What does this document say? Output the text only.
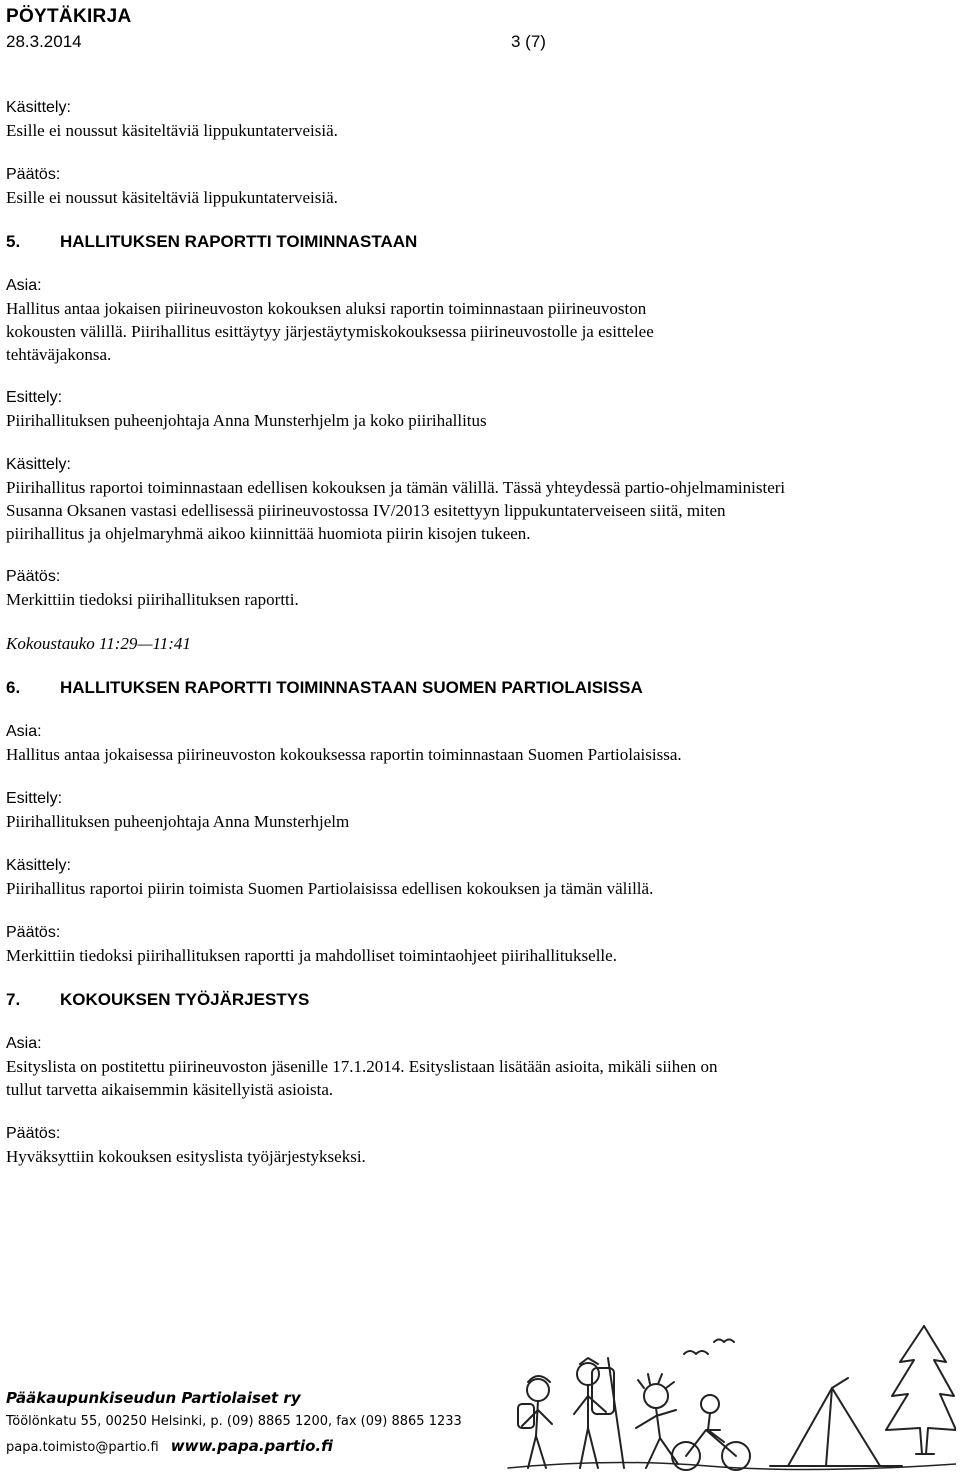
PÖYTÄKIRJA
28.3.2014	3 (7)

Käsittely:

Esille ei noussut käsiteltäviä lippukuntaterveisiä.

Päätös:

Esille ei noussut käsiteltäviä lippukuntaterveisiä.

5. HALLITUKSEN RAPORTTI TOIMINNASTAAN

Asia:

Hallitus antaa jokaisen piirineuvoston kokouksen aluksi raportin toiminnastaan piirineuvoston

kokousten välillä. Piirihallitus esittäytyy järjestäytymiskokouksessa piirineuvostolle ja esittelee

tehtäväjakonsa.

Esittely:

Piirihallituksen puheenjohtaja Anna Munsterhjelm ja koko piirihallitus

Käsittely:

Piirihallitus raportoi toiminnastaan edellisen kokouksen ja tämän välillä. Tässä yhteydessä partio-ohjelmaministeri

Susanna Oksanen vastasi edellisessä piirineuvostossa IV/2013 esitettyyn lippukuntaterveiseen siitä, miten

piirihallitus ja ohjelmaryhmä aikoo kiinnittää huomiota piirin kisojen tukeen.

Päätös:

Merkittiin tiedoksi piirihallituksen raportti.

Kokoustauko 11:29—11:41

6. HALLITUKSEN RAPORTTI TOIMINNASTAAN SUOMEN PARTIOLAISISSA

Asia:

Hallitus antaa jokaisessa piirineuvoston kokouksessa raportin toiminnastaan Suomen Partiolaisissa.

Esittely:

Piirihallituksen puheenjohtaja Anna Munsterhjelm

Käsittely:

Piirihallitus raportoi piirin toimista Suomen Partiolaisissa edellisen kokouksen ja tämän välillä.

Päätös:

Merkittiin tiedoksi piirihallituksen raportti ja mahdolliset toimintaohjeet piirihallitukselle.

7. KOKOUKSEN TYÖJÄRJESTYS

Asia:

Esityslista on postitettu piirineuvoston jäsenille 17.1.2014. Esityslistaan lisätään asioita, mikäli siihen on

tullut tarvetta aikaisemmin käsitellyistä asioista.

Päätös:

Hyväksyttiin kokouksen esityslista työjärjestykseksi.

Pääkaupunkiseudun Partiolaiset ry
Töölönkatu 55, 00250 Helsinki, p. (09) 8865 1200, fax (09) 8865 1233
papa.toimisto@partio.fi www.papa.partio.fi
